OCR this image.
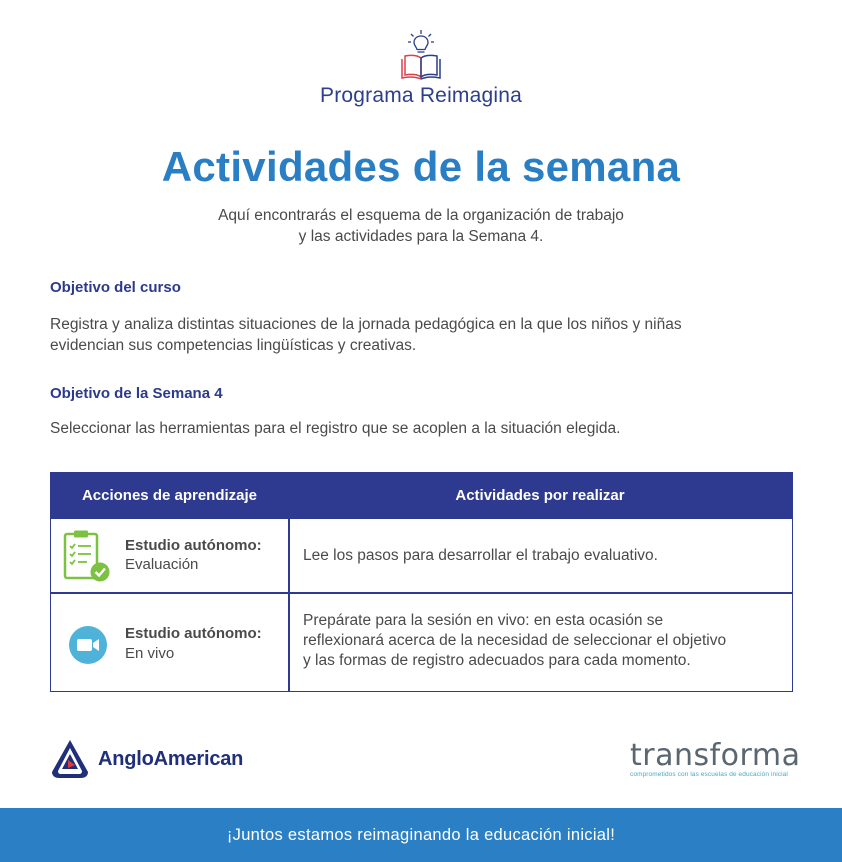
Programa Reimagina
Actividades de la semana
Aquí encontrarás el esquema de la organización de trabajo
y las actividades para la Semana 4.
Objetivo del curso
Registra y analiza distintas situaciones de la jornada pedagógica en la que los niños y niñas
evidencian sus competencias lingüísticas y creativas.
Objetivo de la Semana 4
Seleccionar las herramientas para el registro que se acoplen a la situación elegida.
Acciones de aprendizaje	Actividades por realizar
Estudio autónomo:
Evaluación
Lee los pasos para desarrollar el trabajo evaluativo.
Estudio autónomo:
En vivo
Prepárate para la sesión en vivo: en esta ocasión se
reflexionará acerca de la necesidad de seleccionar el objetivo
y las formas de registro adecuados para cada momento.
AngloAmerican	transforma
comprometidos con las escuelas de educación inicial
¡Juntos estamos reimaginando la educación inicial!
